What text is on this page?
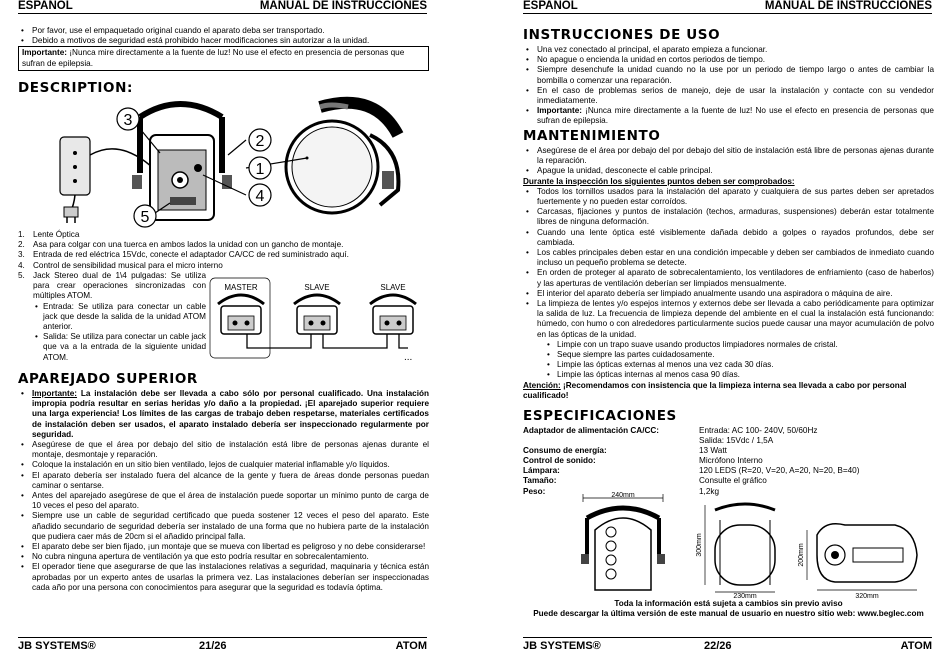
ESPAÑOL	MANUAL DE INSTRUCCIONES
• Por favor, use el empaquetado original cuando el aparato deba ser transportado.
• Debido a motivos de seguridad está prohibido hacer modificaciones sin autorizar a la unidad.
Importante: ¡Nunca mire directamente a la fuente de luz! No use el efecto en presencia de personas que sufran de epilepsia.
DESCRIPTION:
3
2
1
4
5
1. Lente Óptica
2. Asa para colgar con una tuerca en ambos lados la unidad con un gancho de montaje.
3. Entrada de red eléctrica 15Vdc, conecte el adaptador CA/CC de red suministrado aquí.
4. Control de sensibilidad musical para el micro interno
5. Jack Stereo dual de 1\4 pulgadas: Se utiliza para crear operaciones sincronizadas con múltiples ATOM.
• Entrada: Se utiliza para conectar un cable jack que desde la salida de la unidad ATOM anterior.
• Salida: Se utiliza para conectar un cable jack que va a la entrada de la siguiente unidad ATOM.
MASTER	SLAVE	SLAVE
...
APAREJADO SUPERIOR
• Importante: La instalación debe ser llevada a cabo sólo por personal cualificado. Una instalación impropia podría resultar en serias heridas y/o daño a la propiedad. ¡El aparejado superior requiere una larga experiencia! Los límites de las cargas de trabajo deben respetarse, materiales certificados de instalación deben ser usados, el aparato instalado debería ser inspeccionado regularmente por seguridad.
• Asegúrese de que el área por debajo del sitio de instalación está libre de personas ajenas durante el montaje, desmontaje y reparación.
• Coloque la instalación en un sitio bien ventilado, lejos de cualquier material inflamable y/o líquidos.
• El aparato debería ser instalado fuera del alcance de la gente y fuera de áreas donde personas puedan caminar o sentarse.
• Antes del aparejado asegúrese de que el área de instalación puede soportar un mínimo punto de carga de 10 veces el peso del aparato.
• Siempre use un cable de seguridad certificado que pueda sostener 12 veces el peso del aparato. Este añadido secundario de seguridad debería ser instalado de una forma que no hubiera parte de la instalación que pudiera caer más de 20cm si el añadido principal falla.
• El aparato debe ser bien fijado, ¡un montaje que se mueva con libertad es peligroso y no debe considerarse!
• No cubra ninguna apertura de ventilación ya que esto podría resultar en sobrecalentamiento.
• El operador tiene que asegurarse de que las instalaciones relativas a seguridad, maquinaria y técnica están aprobadas por un experto antes de usarlas la primera vez. Las instalaciones deberían ser inspeccionadas cada año por una persona con conocimientos para asegurar que la seguridad es todavía óptima.
JB SYSTEMS®	21/26	ATOM
ESPAÑOL	MANUAL DE INSTRUCCIONES
INSTRUCCIONES DE USO
• Una vez conectado al principal, el aparato empieza a funcionar.
• No apague o encienda la unidad en cortos periodos de tiempo.
• Siempre desenchufe la unidad cuando no la use por un periodo de tiempo largo o antes de cambiar la bombilla o comenzar una reparación.
• En el caso de problemas serios de manejo, deje de usar la instalación y contacte con su vendedor inmediatamente.
• Importante: ¡Nunca mire directamente a la fuente de luz! No use el efecto en presencia de personas que sufran de epilepsia.
MANTENIMIENTO
• Asegúrese de el área por debajo del por debajo del sitio de instalación está libre de personas ajenas durante la reparación.
• Apague la unidad, desconecte el cable principal.
Durante la inspección los siguientes puntos deben ser comprobados:
• Todos los tornillos usados para la instalación del aparato y cualquiera de sus partes deben ser apretados fuertemente y no pueden estar corroídos.
• Carcasas, fijaciones y puntos de instalación (techos, armaduras, suspensiones) deberán estar totalmente libres de ninguna deformación.
• Cuando una lente óptica esté visiblemente dañada debido a golpes o rayados profundos, debe ser cambiada.
• Los cables principales deben estar en una condición impecable y deben ser cambiados de inmediato cuando incluso un pequeño problema se detecte.
• En orden de proteger al aparato de sobrecalentamiento, los ventiladores de enfriamiento (caso de haberlos) y las aperturas de ventilación deberían ser limpiados mensualmente.
• El interior del aparato debería ser limpiado anualmente usando una aspiradora o máquina de aire.
• La limpieza de lentes y/o espejos internos y externos debe ser llevada a cabo periódicamente para optimizar la salida de luz. La frecuencia de limpieza depende del ambiente en el cual la instalación está funcionando: húmedo, con humo o con alrededores particularmente sucios puede causar una mayor acumulación de polvo en las ópticas de la unidad.
• Limpie con un trapo suave usando productos limpiadores normales de cristal.
• Seque siempre las partes cuidadosamente.
• Limpie las ópticas externas al menos una vez cada 30 días.
• Limpie las ópticas internas al menos casa 90 días.
Atención: ¡Recomendamos con insistencia que la limpieza interna sea llevada a cabo por personal cualificado!
ESPECIFICACIONES
Adaptador de alimentación CA/CC:	Entrada: AC 100- 240V, 50/60Hz
Salida: 15Vdc / 1,5A
Consumo de energía:	13 Watt
Control de sonido:	Micrófono Interno
Lámpara:	120 LEDS (R=20, V=20, A=20, N=20, B=40)
Tamaño:	Consulte el gráfico
Peso:	1,2kg
240mm
300mm
230mm
200mm
320mm
Toda la información está sujeta a cambios sin previo aviso
Puede descargar la última versión de este manual de usuario en nuestro sitio web: www.beglec.com
JB SYSTEMS®	22/26	ATOM
